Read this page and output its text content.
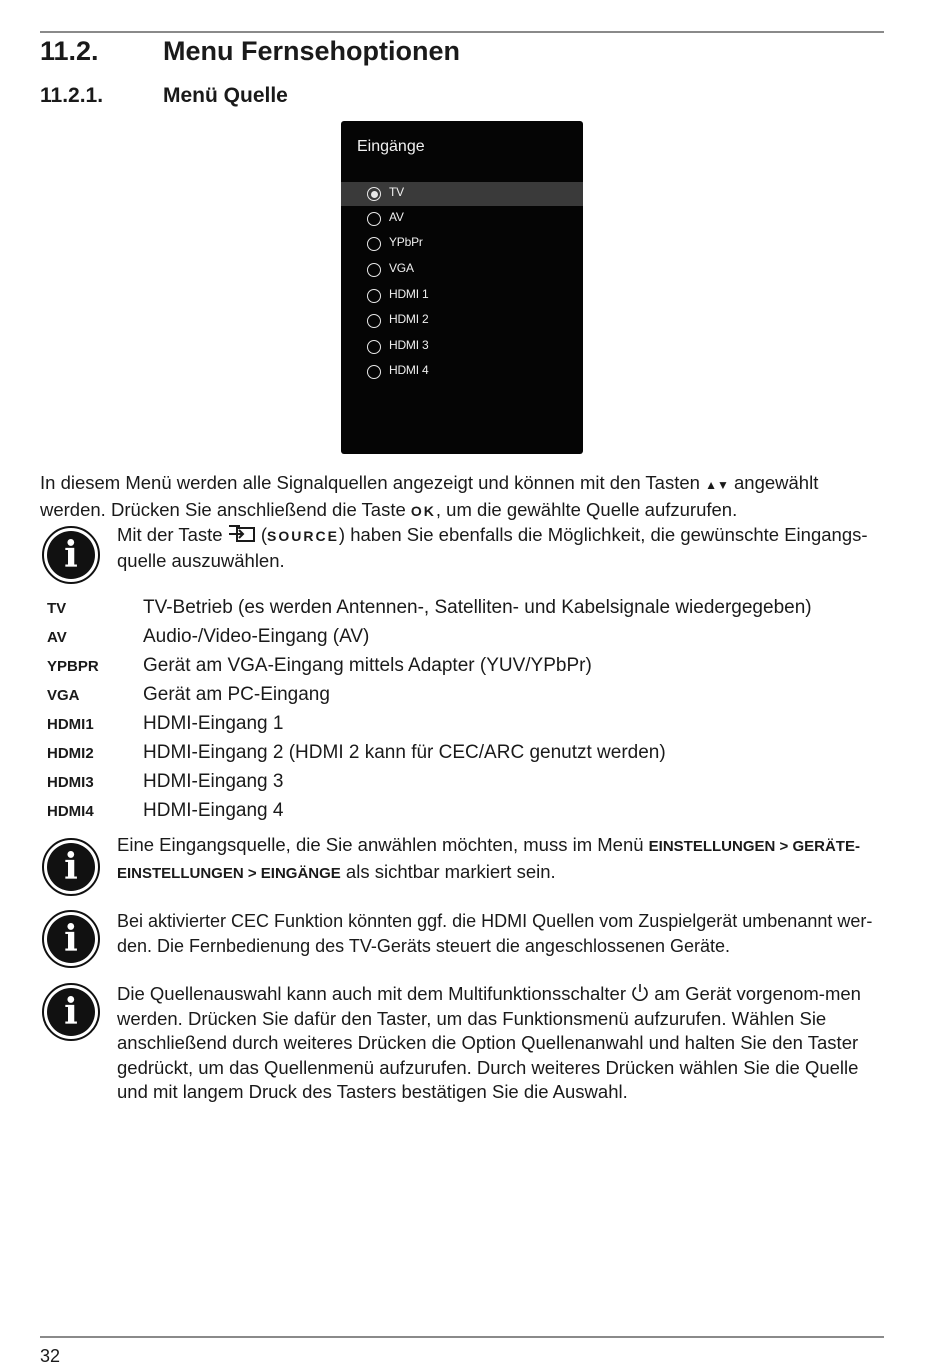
11.2. Menu Fernsehoptionen
11.2.1.	Menü Quelle
Eingänge
TV
AV
YPbPr
VGA
HDMI 1
HDMI 2
HDMI 3
HDMI 4
In diesem Menü werden alle Signalquellen angezeigt und können mit den Tasten ▲▼ angewählt werden. Drücken Sie anschließend die Taste OK, um die gewählte Quelle aufzurufen.
i	Mit der Taste  (SOURCE) haben Sie ebenfalls die Möglichkeit, die gewünschte Eingangs-quelle auszuwählen.
TV	TV-Betrieb (es werden Antennen-, Satelliten- und Kabelsignale wiedergegeben)
AV	Audio-/Video-Eingang (AV)
YPBPR Gerät am VGA-Eingang mittels Adapter (YUV/YPbPr)
VGA	Gerät am PC-Eingang
HDMI1	HDMI-Eingang 1
HDMI2	HDMI-Eingang 2 (HDMI 2 kann für CEC/ARC genutzt werden)
HDMI3	HDMI-Eingang 3
HDMI4	HDMI-Eingang 4
i
Eine Eingangsquelle, die Sie anwählen möchten, muss im Menü EINSTELLUNGEN > GERÄTE-EINSTELLUNGEN > EINGÄNGE als sichtbar markiert sein.
i	Bei aktivierter CEC Funktion könnten ggf. die HDMI Quellen vom Zuspielgerät umbenannt wer-den. Die Fernbedienung des TV-Geräts steuert die angeschlossenen Geräte.
i	Die Quellenauswahl kann auch mit dem Multifunktionsschalter am Gerät vorgenom-men werden. Drücken Sie dafür den Taster, um das Funktionsmenü aufzurufen. Wählen Sie anschließend durch weiteres Drücken die Option Quellenanwahl und halten Sie den Taster gedrückt, um das Quellenmenü aufzurufen. Durch weiteres Drücken wählen Sie die Quelle und mit langem Druck des Tasters bestätigen Sie die Auswahl.
32
